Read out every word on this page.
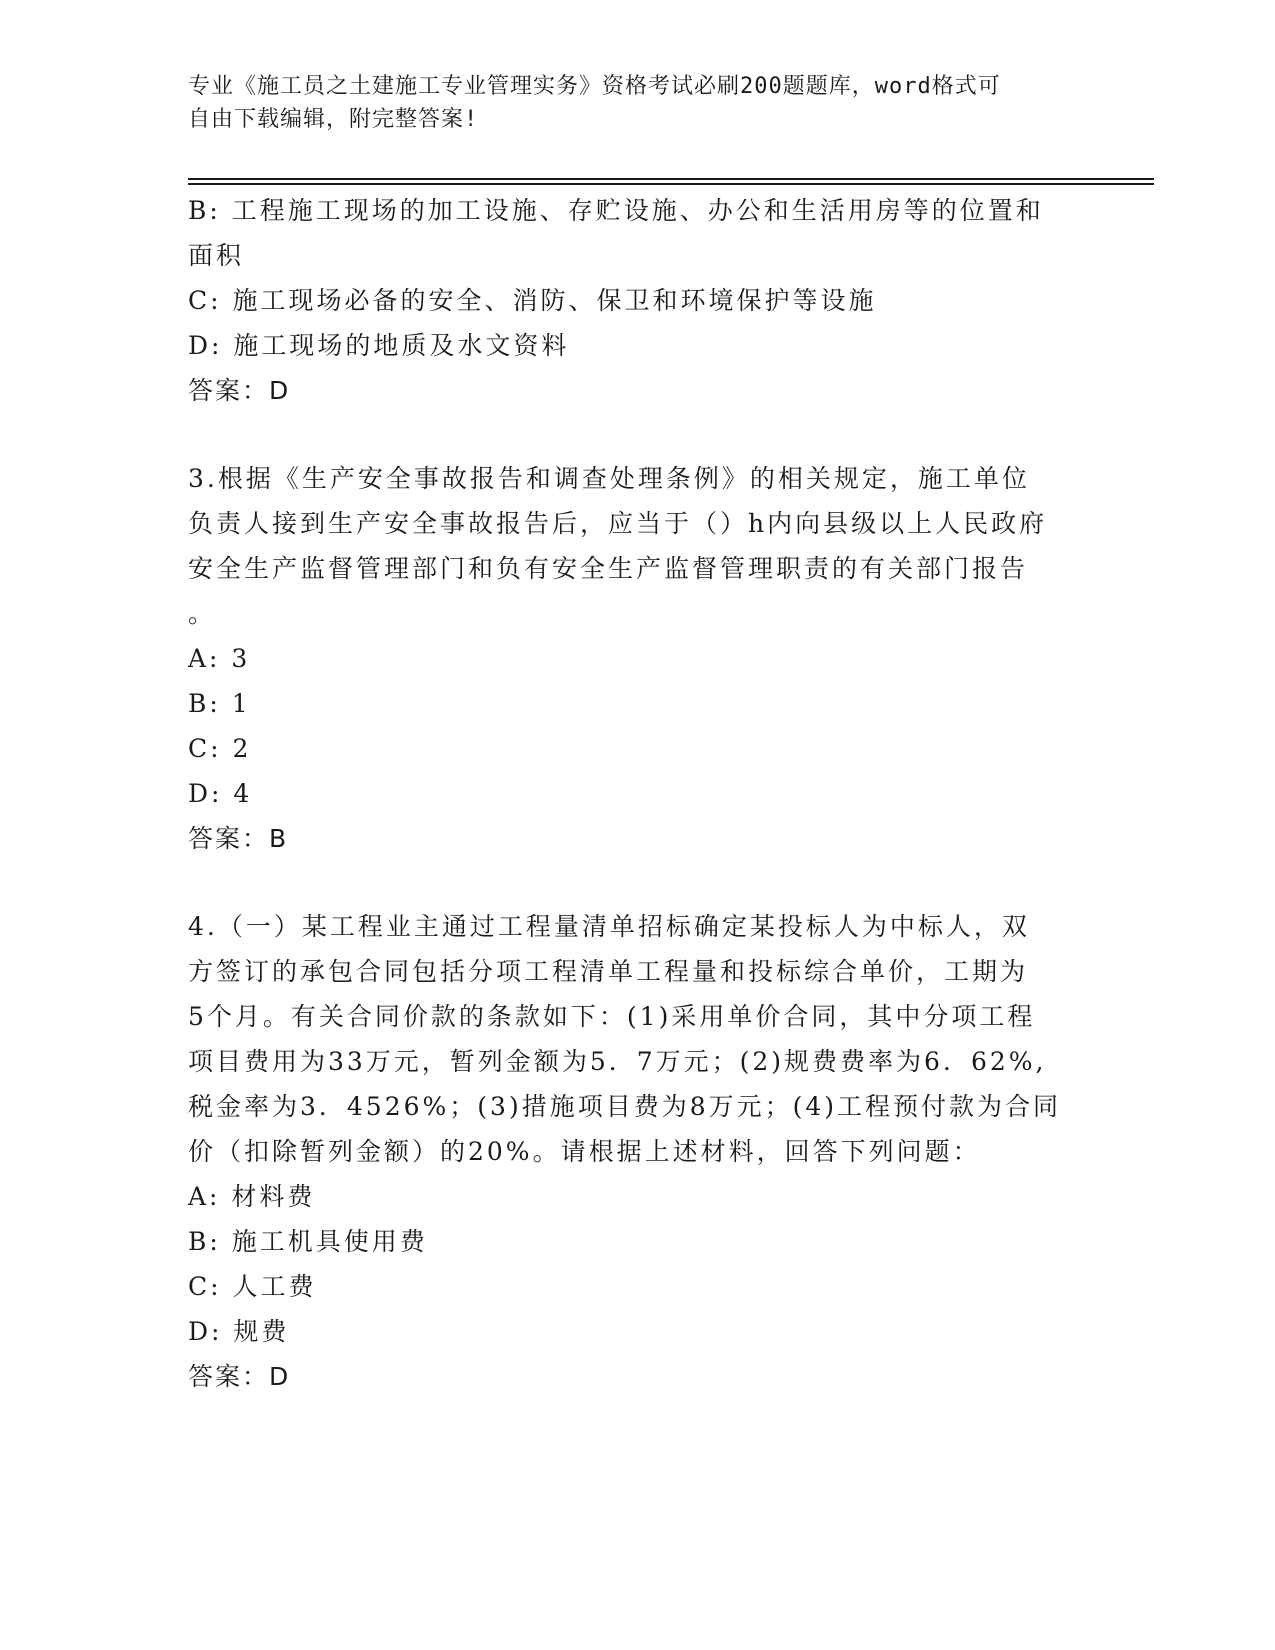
专业《施工员之土建施工专业管理实务》资格考试必刷200题题库，word格式可
自由下载编辑，附完整答案!
B: 工程施工现场的加工设施、存贮设施、办公和生活用房等的位置和
面积
C: 施工现场必备的安全、消防、保卫和环境保护等设施
D: 施工现场的地质及水文资料
答案：D
3.根据《生产安全事故报告和调查处理条例》的相关规定，施工单位
负责人接到生产安全事故报告后，应当于（）h内向县级以上人民政府
安全生产监督管理部门和负有安全生产监督管理职责的有关部门报告
。
A: 3
B: 1
C: 2
D: 4
答案：B
4.（一）某工程业主通过工程量清单招标确定某投标人为中标人，双
方签订的承包合同包括分项工程清单工程量和投标综合单价，工期为
5个月。有关合同价款的条款如下：(1)采用单价合同，其中分项工程
项目费用为33万元，暂列金额为5．7万元；(2)规费费率为6．62%,
税金率为3．4526%；(3)措施项目费为8万元；(4)工程预付款为合同
价（扣除暂列金额）的20%。请根据上述材料，回答下列问题：
A: 材料费
B: 施工机具使用费
C: 人工费
D: 规费
答案：D
